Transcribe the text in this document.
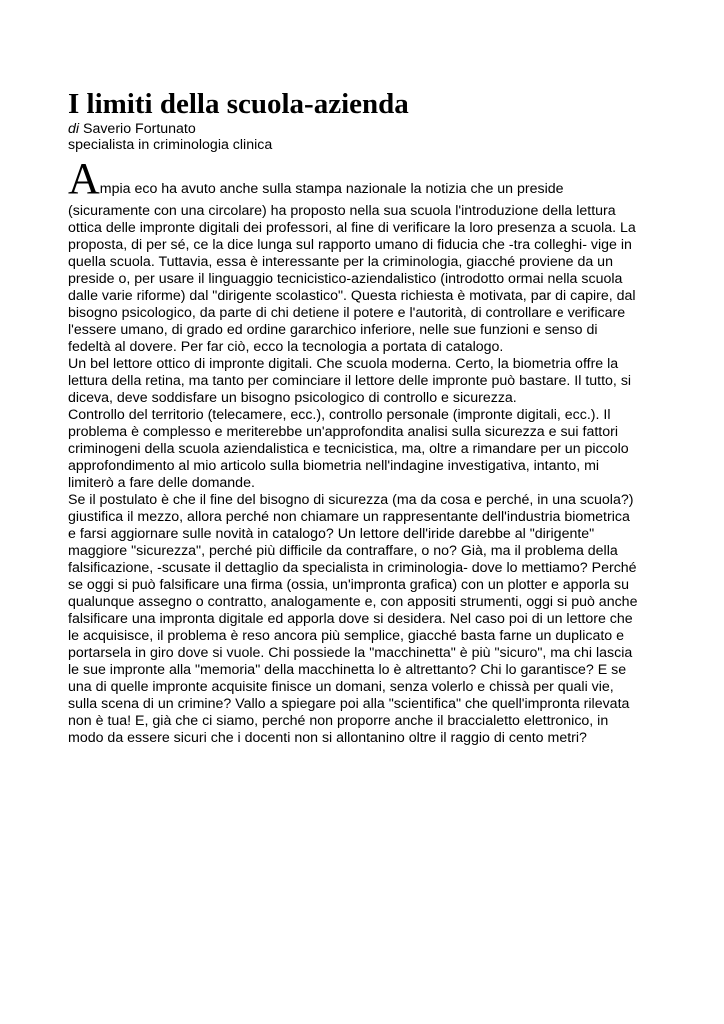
I limiti della scuola-azienda

di Saverio Fortunato

specialista in criminologia clinica

Ampia eco ha avuto anche sulla stampa nazionale la notizia che un preside

(sicuramente con una circolare) ha proposto nella sua scuola l'introduzione della lettura
ottica delle impronte digitali dei professori, al fine di verificare la loro presenza a scuola. La
proposta, di per sé, ce la dice lunga sul rapporto umano di fiducia che -tra colleghi- vige in
quella scuola. Tuttavia, essa è interessante per la criminologia, giacché proviene da un
preside o, per usare il linguaggio tecnicistico-aziendalistico (introdotto ormai nella scuola
dalle varie riforme) dal "dirigente scolastico". Questa richiesta è motivata, par di capire, dal
bisogno psicologico, da parte di chi detiene il potere e l'autorità, di controllare e verificare
l'essere umano, di grado ed ordine gararchico inferiore, nelle sue funzioni e senso di
fedeltà al dovere. Per far ciò, ecco la tecnologia a portata di catalogo.
Un bel lettore ottico di impronte digitali. Che scuola moderna. Certo, la biometria offre la
lettura della retina, ma tanto per cominciare il lettore delle impronte può bastare. Il tutto, si
diceva, deve soddisfare un bisogno psicologico di controllo e sicurezza.
Controllo del territorio (telecamere, ecc.), controllo personale (impronte digitali, ecc.). Il
problema è complesso e meriterebbe un'approfondita analisi sulla sicurezza e sui fattori
criminogeni della scuola aziendalistica e tecnicistica, ma, oltre a rimandare per un piccolo
approfondimento al mio articolo sulla biometria nell'indagine investigativa, intanto, mi
limiterò a fare delle domande.
Se il postulato è che il fine del bisogno di sicurezza (ma da cosa e perché, in una scuola?)
giustifica il mezzo, allora perché non chiamare un rappresentante dell'industria biometrica
e farsi aggiornare sulle novità in catalogo? Un lettore dell'iride darebbe al "dirigente"
maggiore "sicurezza", perché più difficile da contraffare, o no? Già, ma il problema della
falsificazione, -scusate il dettaglio da specialista in criminologia- dove lo mettiamo? Perché
se oggi si può falsificare una firma (ossia, un'impronta grafica) con un plotter e apporla su
qualunque assegno o contratto, analogamente e, con appositi strumenti, oggi si può anche
falsificare una impronta digitale ed apporla dove si desidera. Nel caso poi di un lettore che
le acquisisce, il problema è reso ancora più semplice, giacché basta farne un duplicato e
portarsela in giro dove si vuole. Chi possiede la "macchinetta" è più "sicuro", ma chi lascia
le sue impronte alla "memoria" della macchinetta lo è altrettanto? Chi lo garantisce? E se
una di quelle impronte acquisite finisce un domani, senza volerlo e chissà per quali vie,
sulla scena di un crimine? Vallo a spiegare poi alla "scientifica" che quell'impronta rilevata
non è tua! E, già che ci siamo, perché non proporre anche il braccialetto elettronico, in
modo da essere sicuri che i docenti non si allontanino oltre il raggio di cento metri?
